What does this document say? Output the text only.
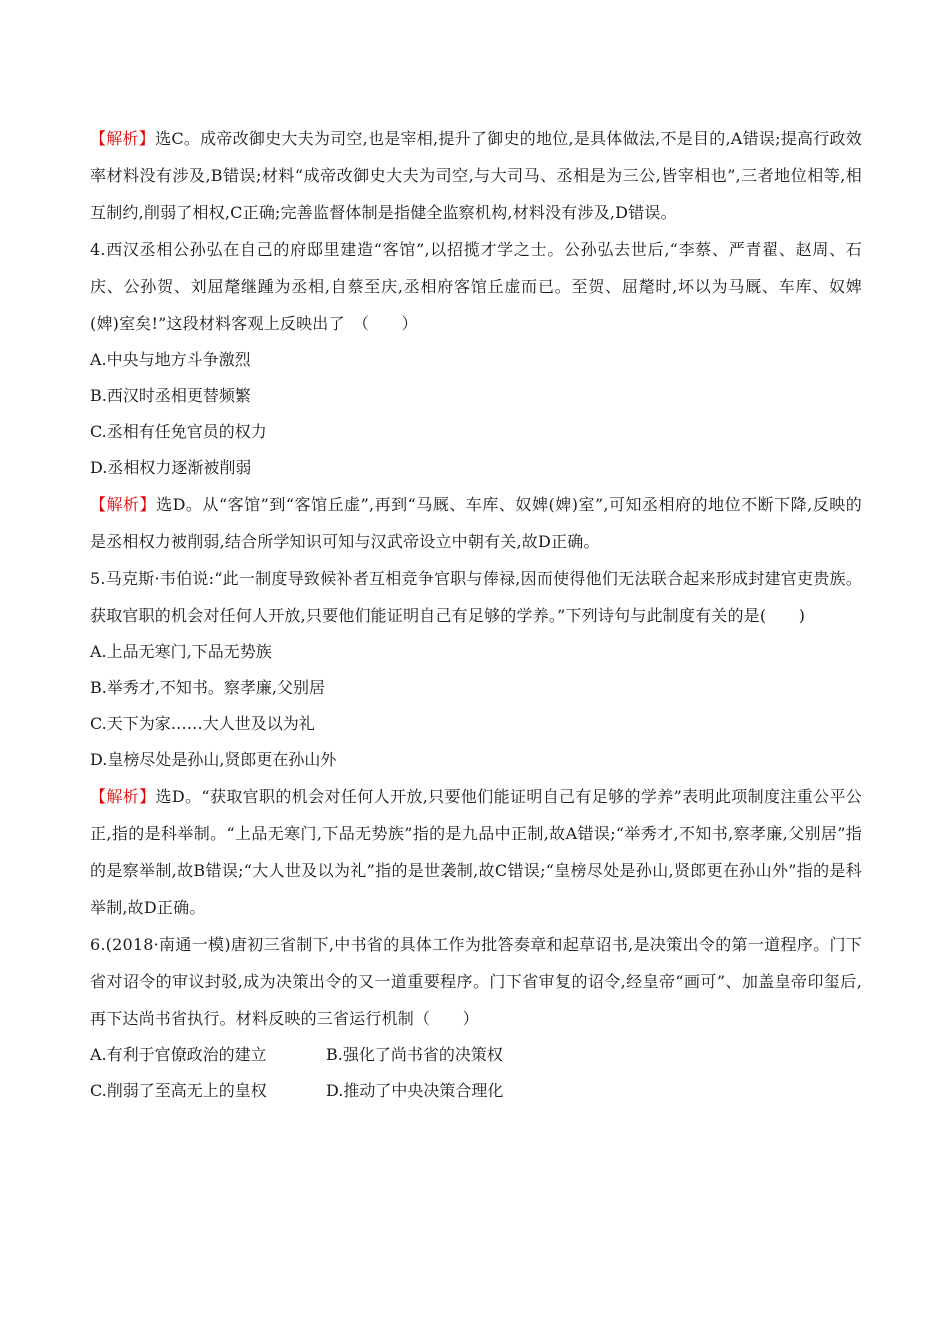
【解析】选C。成帝改御史大夫为司空,也是宰相,提升了御史的地位,是具体做法,不是目的,A错误;提高行政效率材料没有涉及,B错误;材料“成帝改御史大夫为司空,与大司马、丞相是为三公,皆宰相也”,三者地位相等,相互制约,削弱了相权,C正确;完善监督体制是指健全监察机构,材料没有涉及,D错误。

4.西汉丞相公孙弘在自己的府邸里建造“客馆”,以招揽才学之士。公孙弘去世后,“李蔡、严青翟、赵周、石庆、公孙贺、刘屈氂继踵为丞相,自蔡至庆,丞相府客馆丘虚而已。至贺、屈氂时,坏以为马厩、车库、奴婢(婢)室矣!”这段材料客观上反映出了　（　　）

A.中央与地方斗争激烈

B.西汉时丞相更替频繁

C.丞相有任免官员的权力

D.丞相权力逐渐被削弱

【解析】选D。从“客馆”到“客馆丘虚”,再到“马厩、车库、奴婢(婢)室”,可知丞相府的地位不断下降,反映的是丞相权力被削弱,结合所学知识可知与汉武帝设立中朝有关,故D正确。

5.马克斯·韦伯说:“此一制度导致候补者互相竞争官职与俸禄,因而使得他们无法联合起来形成封建官吏贵族。获取官职的机会对任何人开放,只要他们能证明自己有足够的学养。”下列诗句与此制度有关的是(　　)

A.上品无寒门,下品无势族

B.举秀才,不知书。察孝廉,父别居

C.天下为家……大人世及以为礼

D.皇榜尽处是孙山,贤郎更在孙山外

【解析】选D。“获取官职的机会对任何人开放,只要他们能证明自己有足够的学养”表明此项制度注重公平公正,指的是科举制。“上品无寒门,下品无势族”指的是九品中正制,故A错误;“举秀才,不知书,察孝廉,父别居”指的是察举制,故B错误;“大人世及以为礼”指的是世袭制,故C错误;“皇榜尽处是孙山,贤郎更在孙山外”指的是科举制,故D正确。

6.(2018·南通一模)唐初三省制下,中书省的具体工作为批答奏章和起草诏书,是决策出令的第一道程序。门下省对诏令的审议封驳,成为决策出令的又一道重要程序。门下省审复的诏令,经皇帝“画可”、加盖皇帝印玺后,再下达尚书省执行。材料反映的三省运行机制（　　）

A.有利于官僚政治的建立	B.强化了尚书省的决策权
C.削弱了至高无上的皇权	D.推动了中央决策合理化
